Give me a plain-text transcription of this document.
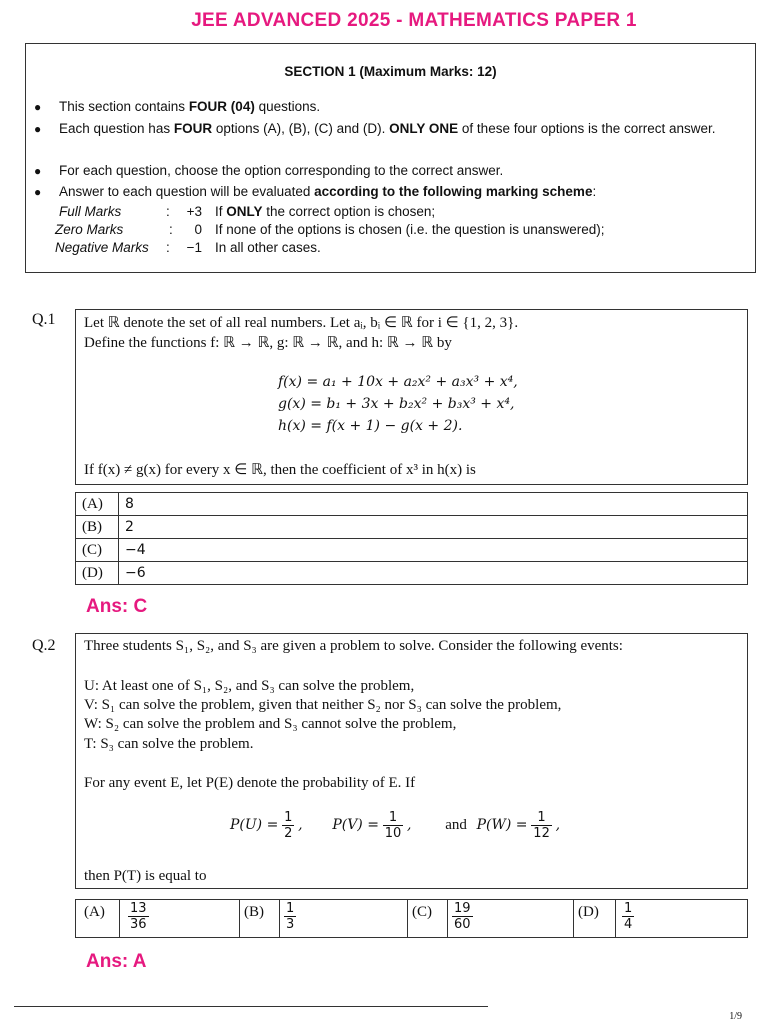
JEE ADVANCED 2025 - MATHEMATICS PAPER 1
SECTION 1 (Maximum Marks: 12)
● This section contains FOUR (04) questions.
● Each question has FOUR options (A), (B), (C) and (D). ONLY ONE of these four options is the correct answer.
● For each question, choose the option corresponding to the correct answer.
● Answer to each question will be evaluated according to the following marking scheme:
Full Marks	:	+3 If ONLY the correct option is chosen;
Zero Marks	:	0 If none of the options is chosen (i.e. the question is unanswered);
Negative Marks :	−1 In all other cases.
Q.1 Let ℝ denote the set of all real numbers. Let aᵢ, bᵢ ∈ ℝ for i ∈ {1, 2, 3}.
Define the functions f: ℝ → ℝ, g: ℝ → ℝ, and h: ℝ → ℝ by
f(x) = a₁ + 10x + a₂x² + a₃x³ + x⁴,
g(x) = b₁ + 3x + b₂x² + b₃x³ + x⁴,
h(x) = f(x + 1) − g(x + 2).
If f(x) ≠ g(x) for every x ∈ ℝ, then the coefficient of x³ in h(x) is
(A)	8
(B)	2
(C)	−4
(D)	−6
Ans: C
Q.2 Three students S₁, S₂, and S₃ are given a problem to solve. Consider the following events:
U: At least one of S₁, S₂, and S₃ can solve the problem,
V: S₁ can solve the problem, given that neither S₂ nor S₃ can solve the problem,
W: S₂ can solve the problem and S₃ cannot solve the problem,
T: S₃ can solve the problem.
For any event E, let P(E) denote the probability of E. If
$P(U) = \frac{1}{2}$ , $P(V) = \frac{1}{10}$ , and $P(W) = \frac{1}{12}$ ,
then P(T) is equal to
(A)	$\frac{13}{36}$	(B)	$\frac{1}{3}$	(C)	$\frac{19}{60}$	(D)	$\frac{1}{4}$
Ans: A
1/9
